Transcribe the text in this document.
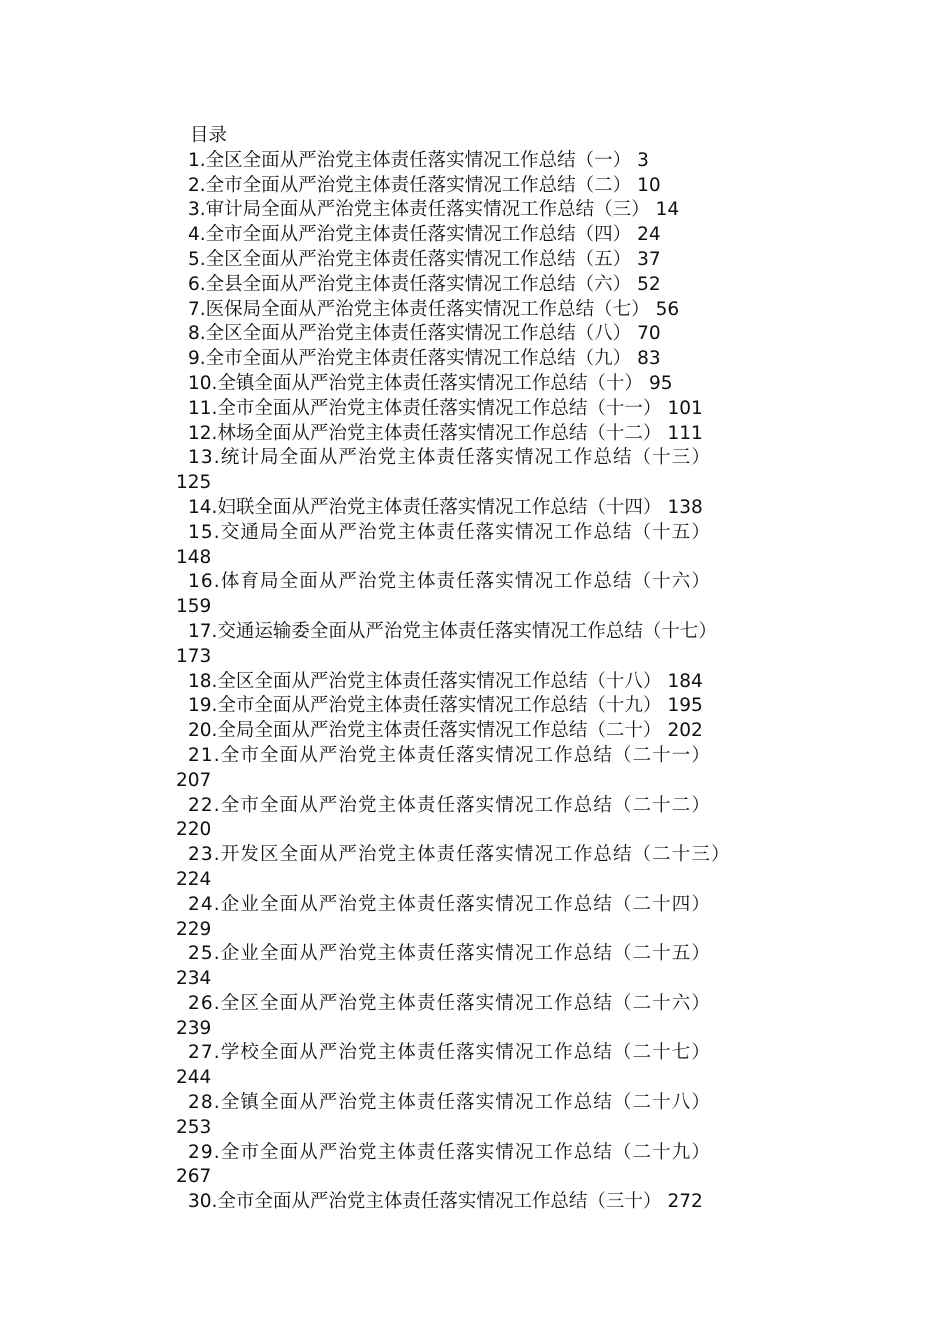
目录
1.全区全面从严治党主体责任落实情况工作总结（一） 3
2.全市全面从严治党主体责任落实情况工作总结（二） 10
3.审计局全面从严治党主体责任落实情况工作总结（三） 14
4.全市全面从严治党主体责任落实情况工作总结（四） 24
5.全区全面从严治党主体责任落实情况工作总结（五） 37
6.全县全面从严治党主体责任落实情况工作总结（六） 52
7.医保局全面从严治党主体责任落实情况工作总结（七） 56
8.全区全面从严治党主体责任落实情况工作总结（八） 70
9.全市全面从严治党主体责任落实情况工作总结（九） 83
10.全镇全面从严治党主体责任落实情况工作总结（十） 95
11.全市全面从严治党主体责任落实情况工作总结（十一） 101
12.林场全面从严治党主体责任落实情况工作总结（十二） 111
13.统计局全面从严治党主体责任落实情况工作总结（十三）
125
14.妇联全面从严治党主体责任落实情况工作总结（十四） 138
15.交通局全面从严治党主体责任落实情况工作总结（十五）
148
16.体育局全面从严治党主体责任落实情况工作总结（十六）
159
17.交通运输委全面从严治党主体责任落实情况工作总结（十七）
173
18.全区全面从严治党主体责任落实情况工作总结（十八） 184
19.全市全面从严治党主体责任落实情况工作总结（十九） 195
20.全局全面从严治党主体责任落实情况工作总结（二十） 202
21.全市全面从严治党主体责任落实情况工作总结（二十一）
207
22.全市全面从严治党主体责任落实情况工作总结（二十二）
220
23.开发区全面从严治党主体责任落实情况工作总结（二十三）
224
24.企业全面从严治党主体责任落实情况工作总结（二十四）
229
25.企业全面从严治党主体责任落实情况工作总结（二十五）
234
26.全区全面从严治党主体责任落实情况工作总结（二十六）
239
27.学校全面从严治党主体责任落实情况工作总结（二十七）
244
28.全镇全面从严治党主体责任落实情况工作总结（二十八）
253
29.全市全面从严治党主体责任落实情况工作总结（二十九）
267
30.全市全面从严治党主体责任落实情况工作总结（三十） 272
